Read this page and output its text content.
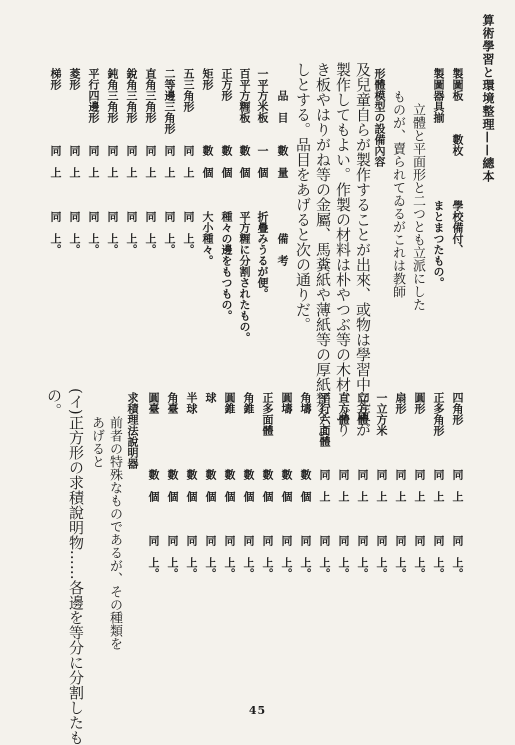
算術學習と環境整理——總本
製圖板　　　數枚　　　　學校備付、
製圖器具揃　　　　　　　まとまつたもの。
　　　立體と平面形と二つとも立派にした
　　ものが、賣られてゐるがこれは教師
形體模型の設備內容
及兒童自らが製作することが出來、或物は學習中兒童が
製作してもよい。作製の材料は朴やつぶ等の木材、ぶり
き板やはりがね等の金屬、馬糞紙や薄紙等の厚紙類をよ
しとする。品目をあげると次の通りだ。
　　品　目　　數　量　　　　　備　考
一平方米板　　一　個　　　折疊みうるが便。
百平方糎板　　數　個　　　平方糎に分割されたもの。
正方形　　　　數　個　　　種々の邊をもつもの。
矩形　　　　　數　個　　　大小種々。
五三角形　　　同　上　　　同　上。
二等邊三角形　同　上　　　同　上。
直角三角形　　同　上　　　同　上。
銳角三角形　　同　上　　　同　上。
鈍角三角形　　同　上　　　同　上。
平行四邊形　　同　上　　　同　上。
菱形　　　　　同　上　　　同　上。
梯形　　　　　同　上　　　同　上。
四角形　　　　同　上　　　同　上。
正多角形　　　同　上　　　同　上。
圓形　　　　　同　上　　　同　上。
扇形　　　　　同　上　　　同　上。
一立方米　　　同　上　　　同　上。
立方體　　　　同　上　　　同　上。
直方體　　　　同　上　　　同　上。
平行六面體　　同　上　　　同　上。
角壔　　　　　數　個　　　同　上。
圓壔　　　　　數　個　　　同　上。
正多面體　　　數　個　　　同　上。
角錐　　　　　數　個　　　同　上。
圓錐　　　　　數　個　　　同　上。
球　　　　　　數　個　　　同　上。
半球　　　　　數　個　　　同　上。
角臺　　　　　數　個　　　同　上。
圓臺　　　　　數　個　　　同　上。
求積理法說明器
　　前者の特殊なものであるが、その種類を
　　あげると
(イ)正方形の求積說明物……各邊を等分に分割したも
の。
45
